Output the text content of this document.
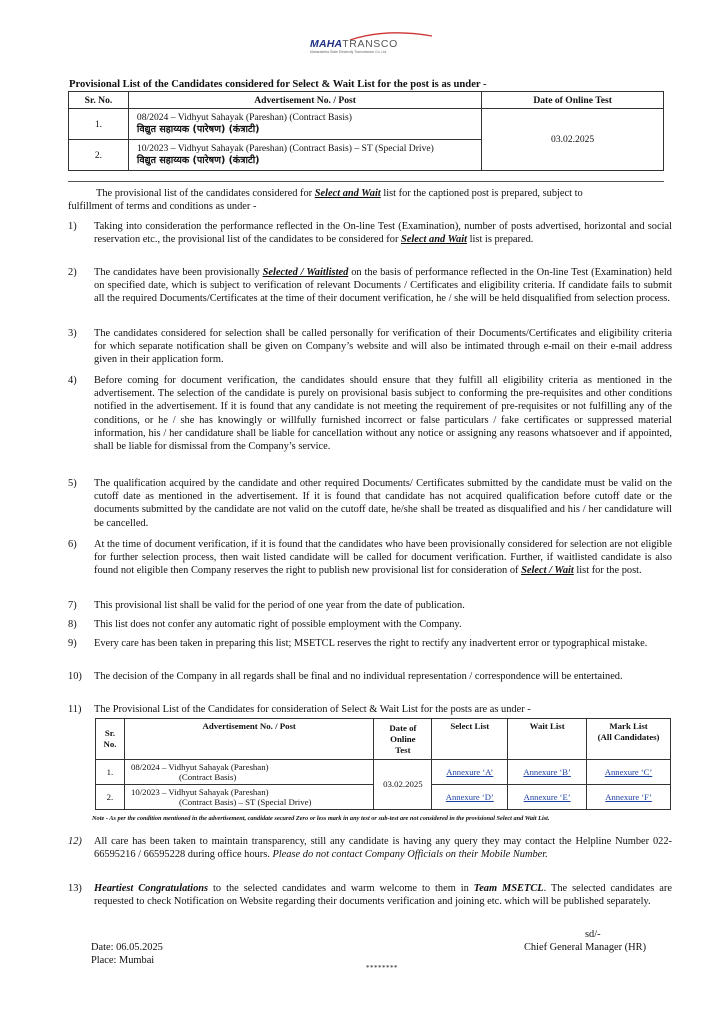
MAHATRANSCO
Maharashtra State Electricity Transmission Co. Ltd.
Provisional List of the Candidates considered for Select & Wait List for the post is as under -
Sr. No.	Advertisement No. / Post	Date of Online Test
1.	08/2024 – Vidhyut Sahayak (Pareshan) (Contract Basis)
विद्युत सहाय्यक (पारेषण) (कंत्राटी)	03.02.2025
2.	10/2023 – Vidhyut Sahayak (Pareshan) (Contract Basis) – ST (Special Drive)
विद्युत सहाय्यक (पारेषण) (कंत्राटी)	
The provisional list of the candidates considered for Select and Wait list for the captioned post is prepared, subject to
fulfillment of terms and conditions as under -
1)	Taking into consideration the performance reflected in the On-line Test (Examination), number of posts advertised, horizontal and social reservation etc., the provisional list of the candidates to be considered for Select and Wait list is prepared.
2)	The candidates have been provisionally Selected / Waitlisted on the basis of performance reflected in the On-line Test (Examination) held on specified date, which is subject to verification of relevant Documents / Certificates and eligibility criteria. If candidate fails to submit all the required Documents/Certificates at the time of their document verification, he / she will be held disqualified from selection process.
3)	The candidates considered for selection shall be called personally for verification of their Documents/Certificates and eligibility criteria for which separate notification shall be given on Company’s website and will also be intimated through e-mail on their e-mail address given in their application form.
4)	Before coming for document verification, the candidates should ensure that they fulfill all eligibility criteria as mentioned in the advertisement. The selection of the candidate is purely on provisional basis subject to conforming the pre-requisites and other conditions notified in the advertisement. If it is found that any candidate is not meeting the requirement of pre-requisites or not fulfilling any of the conditions, or he / she has knowingly or willfully furnished incorrect or false particulars / fake certificates or suppressed material information, his / her candidature shall be liable for cancellation without any notice or assigning any reasons whatsoever and if appointed, shall be liable for dismissal from the Company’s service.
5)	The qualification acquired by the candidate and other required Documents/ Certificates submitted by the candidate must be valid on the cutoff date as mentioned in the advertisement. If it is found that candidate has not acquired qualification before cutoff date or the documents submitted by the candidate are not valid on the cutoff date, he/she shall be treated as disqualified and his / her candidature will be cancelled.
6)	At the time of document verification, if it is found that the candidates who have been provisionally considered for selection are not eligible for further selection process, then wait listed candidate will be called for document verification. Further, if waitlisted candidate is also found not eligible then Company reserves the right to publish new provisional list for consideration of Select / Wait list for the post.
7)	This provisional list shall be valid for the period of one year from the date of publication.
8)	This list does not confer any automatic right of possible employment with the Company.
9)	Every care has been taken in preparing this list; MSETCL reserves the right to rectify any inadvertent error or typographical mistake.
10)	The decision of the Company in all regards shall be final and no individual representation / correspondence will be entertained.
11)	The Provisional List of the Candidates for consideration of Select & Wait List for the posts are as under -
Sr.
No.	Advertisement No. / Post	Date of
Online
Test	Select List	Wait List	Mark List
(All Candidates)
1.	08/2024 – Vidhyut Sahayak (Pareshan)
(Contract Basis)	03.02.2025	Annexure ‘A’	Annexure ‘B’	Annexure ‘C’
2.	10/2023 – Vidhyut Sahayak (Pareshan)
(Contract Basis) – ST (Special Drive)		Annexure ‘D’	Annexure ‘E’	Annexure ‘F’
Note - As per the condition mentioned in the advertisement, candidate secured Zero or less mark in any test or sub-test are not considered in the provisional Select and Wait List.
12)	All care has been taken to maintain transparency, still any candidate is having any query they may contact the Helpline Number 022-66595216 / 66595228 during office hours. Please do not contact Company Officials on their Mobile Number.
13)	Heartiest Congratulations to the selected candidates and warm welcome to them in Team MSETCL. The selected candidates are requested to check Notification on Website regarding their documents verification and joining etc. which will be published separately.
sd/-
Chief General Manager (HR)
Date: 06.05.2025
Place: Mumbai
********
